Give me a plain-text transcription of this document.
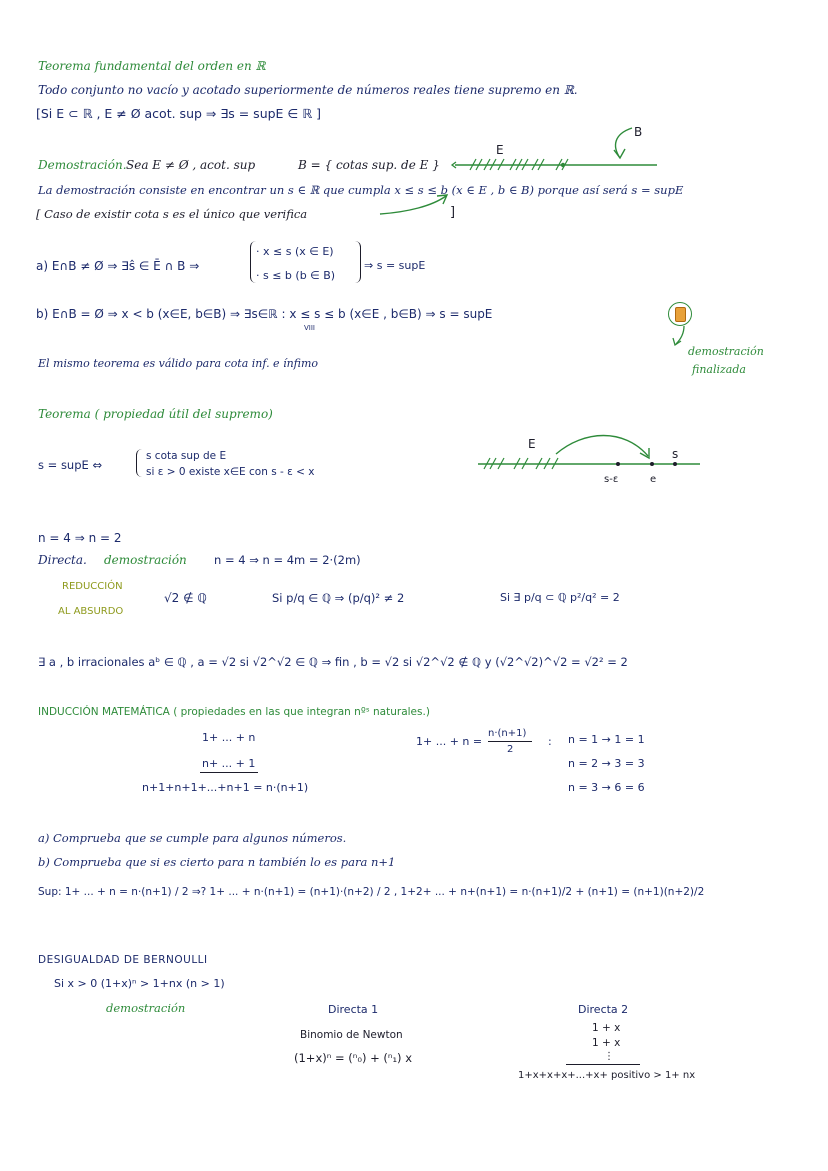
Teorema fundamental del orden en ℝ
Todo conjunto no vacío y acotado superiormente de números reales tiene supremo en ℝ.
[Si E ⊂ ℝ , E ≠ Ø acot. sup ⇒ ∃s = supE ∈ ℝ ]
B
E
Demostración. Sea E ≠ Ø , acot. sup	B = { cotas sup. de E }
La demostración consiste en encontrar un s ∈ ℝ que cumpla x ≤ s ≤ b (x ∈ E , b ∈ B) porque así será s = supE
[ Caso de existir cota s es el único que verifica	]
a) E∩B ≠ Ø ⇒ ∃ŝ ∈ Ē ∩ B ⇒
· x ≤ s (x ∈ E)
· s ≤ b (b ∈ B)
⇒ s = supE
b) E∩B = Ø ⇒ x < b (x∈E, b∈B) ⇒ ∃s∈ℝ : x ≤ s ≤ b (x∈E , b∈B) ⇒ s = supE
VIII
demostración
finalizada
El mismo teorema es válido para cota inf. e ínfimo
Teorema ( propiedad útil del supremo)
s = supE ⇔
s cota sup de E
si ε > 0 existe x∈E con s - ε < x
E
s
s-ε	e
n = 4 ⇒ n = 2
Directa. demostración n = 4 ⇒ n = 4m = 2·(2m)
REDUCCIÓN
AL ABSURDO
√2 ∉ ℚ	Si p/q ∈ ℚ ⇒ (p/q)² ≠ 2	Si ∃ p/q ⊂ ℚ p²/q² = 2
∃ a , b irracionales aᵇ ∈ ℚ , a = √2 si √2^√2 ∈ ℚ ⇒ fin , b = √2 si √2^√2 ∉ ℚ y (√2^√2)^√2 = √2² = 2
INDUCCIÓN MATEMÁTICA ( propiedades en las que integran nºˢ naturales.)
1+ ... + n
n+ ... + 1
n+1+n+1+...+n+1 = n·(n+1)
1+ ... + n =
n·(n+1)
2
: n = 1 → 1 = 1
n = 2 → 3 = 3
n = 3 → 6 = 6
a) Comprueba que se cumple para algunos números.
b) Comprueba que si es cierto para n también lo es para n+1
Sup: 1+ ... + n = n·(n+1) / 2 ⇒? 1+ ... + n·(n+1) = (n+1)·(n+2) / 2 , 1+2+ ... + n+(n+1) = n·(n+1)/2 + (n+1) = (n+1)(n+2)/2
DESIGUALDAD DE BERNOULLI
Si x > 0 (1+x)ⁿ > 1+nx (n > 1)
demostración	Directa 1
Binomio de Newton
(1+x)ⁿ = (ⁿ₀) + (ⁿ₁) x
Directa 2
1 + x
1 + x
⋮
1+x+x+x+...+x+ positivo > 1+ nx
